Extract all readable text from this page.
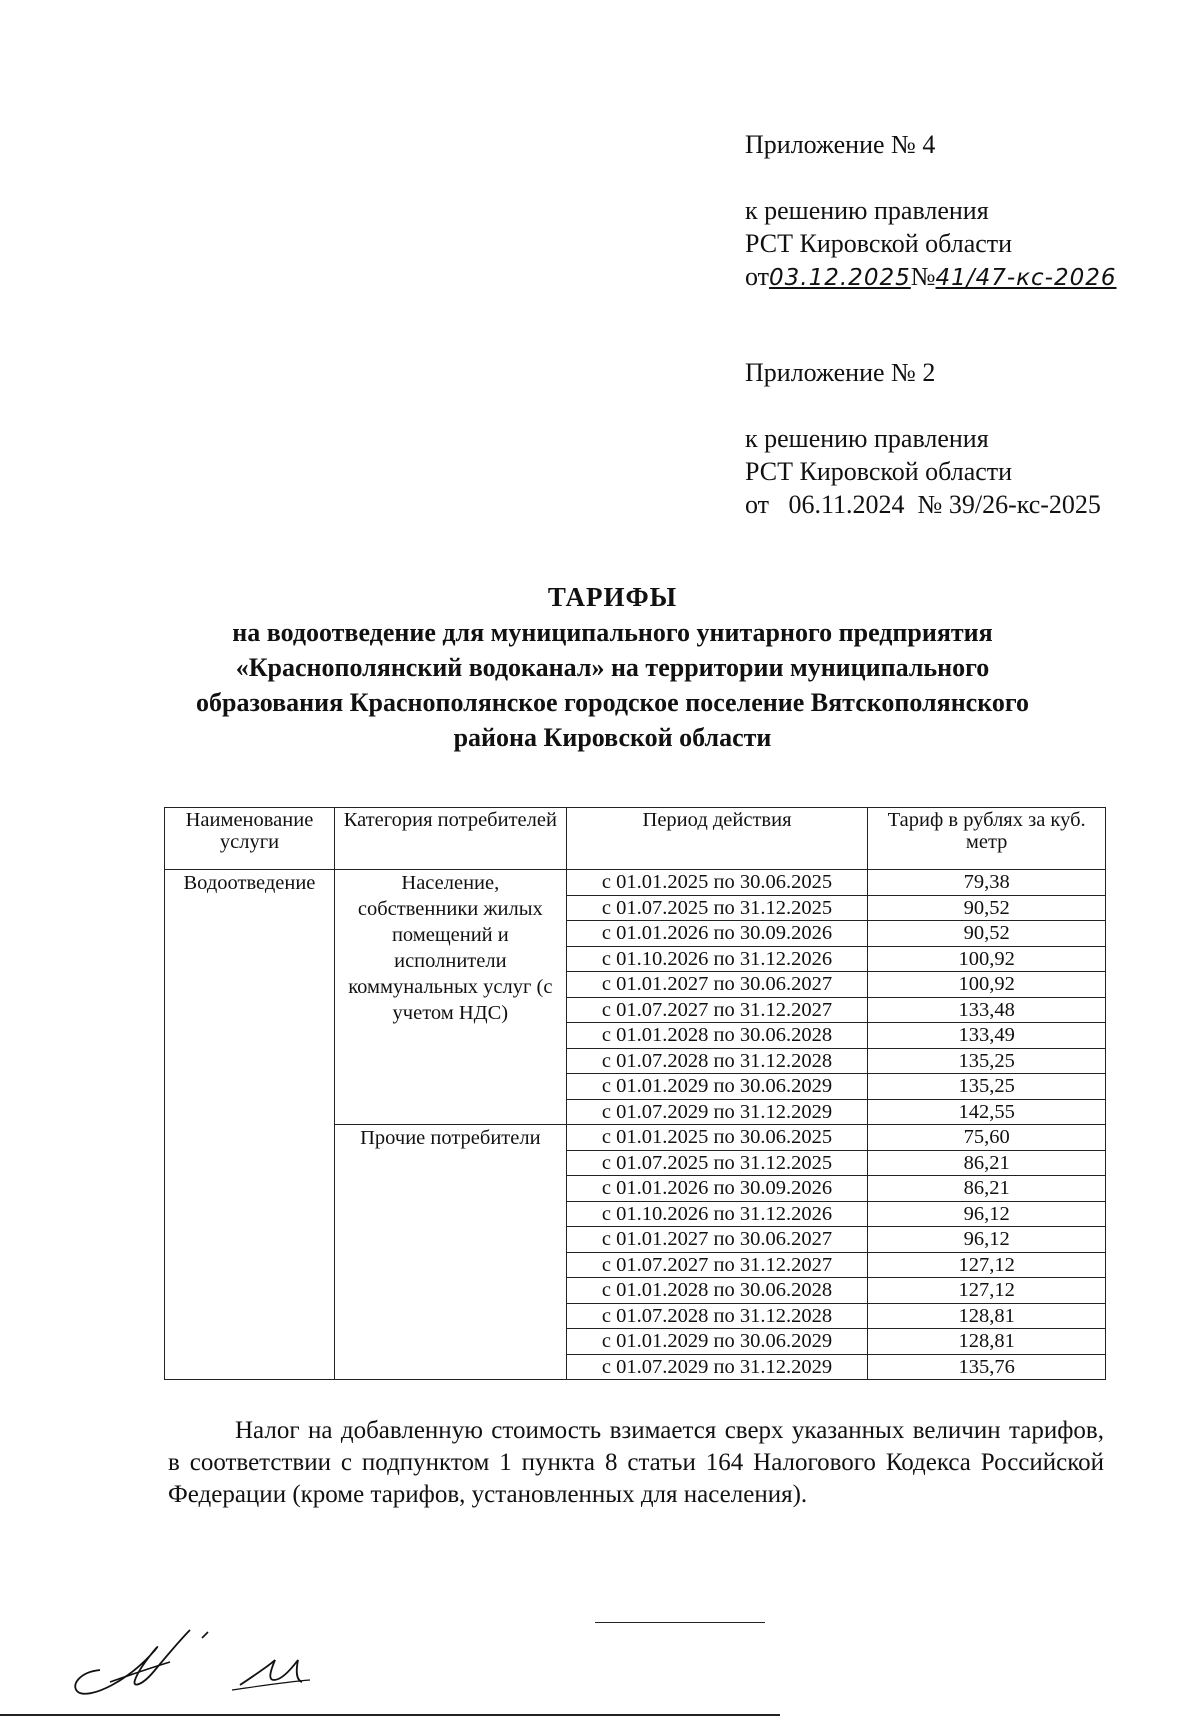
Приложение № 4
к решению правления
РСТ Кировской области
от03.12.2025№41/47-кс-2026
Приложение № 2
к решению правления
РСТ Кировской области
от   06.11.2024  № 39/26-кс-2025
ТАРИФЫ
на водоотведение для муниципального унитарного предприятия
«Краснополянский водоканал» на территории муниципального
образования Краснополянское городское поселение Вятскополянского
района Кировской области
Наименование услуги	Категория потребителей	Период действия	Тариф в рублях за куб. метр
Водоотведение	Население, собственники жилых помещений и исполнители коммунальных услуг (с учетом НДС)	с 01.01.2025 по 30.06.2025	79,38
		с 01.07.2025 по 31.12.2025	90,52
		с 01.01.2026 по 30.09.2026	90,52
		с 01.10.2026 по 31.12.2026	100,92
		с 01.01.2027 по 30.06.2027	100,92
		с 01.07.2027 по 31.12.2027	133,48
		с 01.01.2028 по 30.06.2028	133,49
		с 01.07.2028 по 31.12.2028	135,25
		с 01.01.2029 по 30.06.2029	135,25
		с 01.07.2029 по 31.12.2029	142,55
	Прочие потребители	с 01.01.2025 по 30.06.2025	75,60
		с 01.07.2025 по 31.12.2025	86,21
		с 01.01.2026 по 30.09.2026	86,21
		с 01.10.2026 по 31.12.2026	96,12
		с 01.01.2027 по 30.06.2027	96,12
		с 01.07.2027 по 31.12.2027	127,12
		с 01.01.2028 по 30.06.2028	127,12
		с 01.07.2028 по 31.12.2028	128,81
		с 01.01.2029 по 30.06.2029	128,81
		с 01.07.2029 по 31.12.2029	135,76
Налог на добавленную стоимость взимается сверх указанных величин тарифов, в соответствии с подпунктом 1 пункта 8 статьи 164 Налогового Кодекса Российской Федерации (кроме тарифов, установленных для населения).
